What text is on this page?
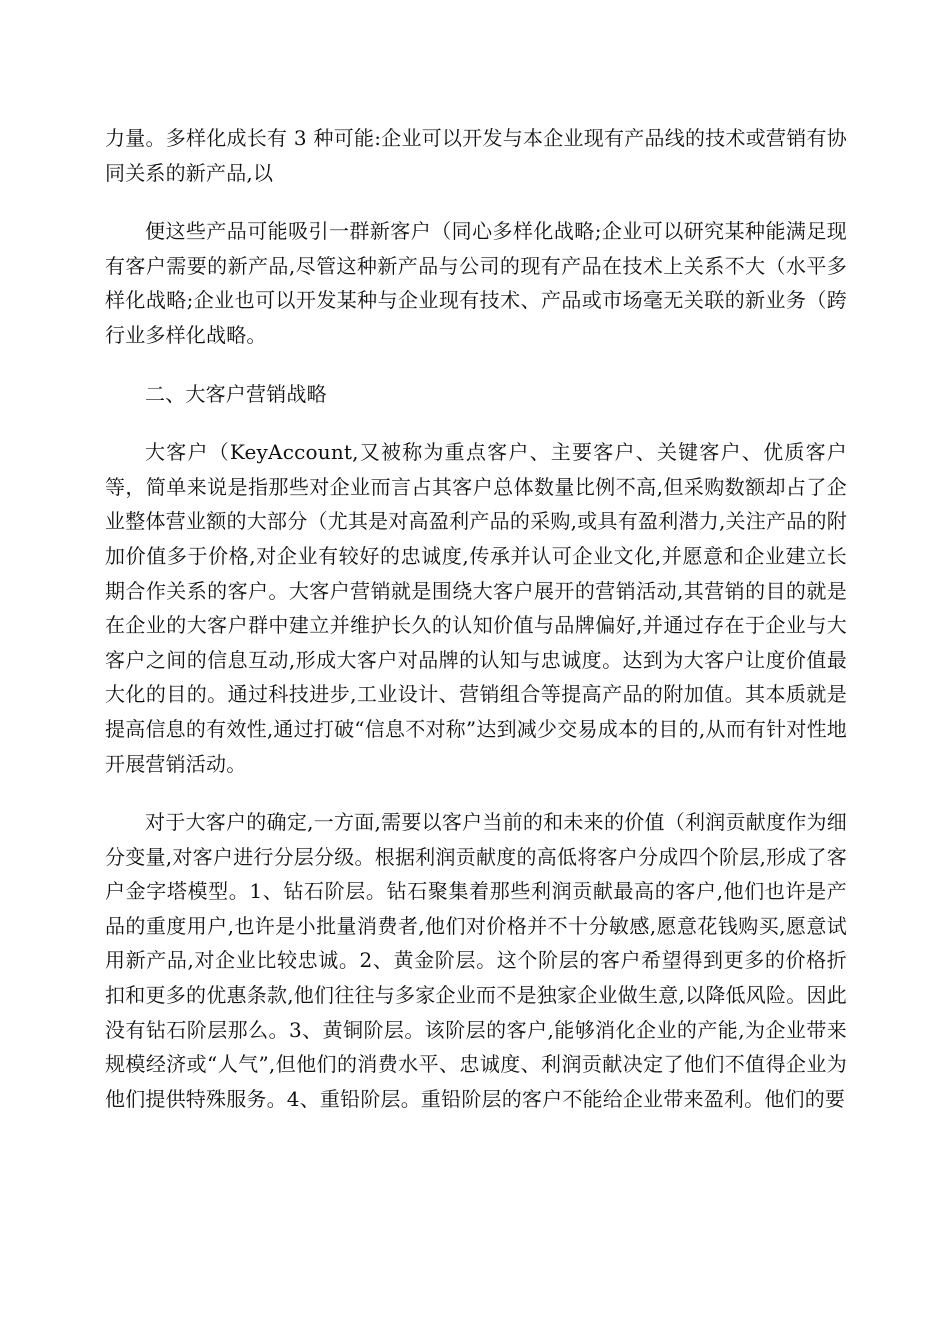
力量。多样化成长有 3 种可能:企业可以开发与本企业现有产品线的技术或营销有协同关系的新产品,以

便这些产品可能吸引一群新客户（同心多样化战略;企业可以研究某种能满足现有客户需要的新产品,尽管这种新产品与公司的现有产品在技术上关系不大（水平多样化战略;企业也可以开发某种与企业现有技术、产品或市场毫无关联的新业务（跨行业多样化战略。

二、大客户营销战略

大客户（KeyAccount,又被称为重点客户、主要客户、关键客户、优质客户等，简单来说是指那些对企业而言占其客户总体数量比例不高,但采购数额却占了企业整体营业额的大部分（尤其是对高盈利产品的采购,或具有盈利潜力,关注产品的附加价值多于价格,对企业有较好的忠诚度,传承并认可企业文化,并愿意和企业建立长期合作关系的客户。大客户营销就是围绕大客户展开的营销活动,其营销的目的就是在企业的大客户群中建立并维护长久的认知价值与品牌偏好,并通过存在于企业与大客户之间的信息互动,形成大客户对品牌的认知与忠诚度。达到为大客户让度价值最大化的目的。通过科技进步,工业设计、营销组合等提高产品的附加值。其本质就是提高信息的有效性,通过打破“信息不对称”达到减少交易成本的目的,从而有针对性地开展营销活动。

对于大客户的确定,一方面,需要以客户当前的和未来的价值（利润贡献度作为细分变量,对客户进行分层分级。根据利润贡献度的高低将客户分成四个阶层,形成了客户金字塔模型。1、钻石阶层。钻石聚集着那些利润贡献最高的客户,他们也许是产品的重度用户,也许是小批量消费者,他们对价格并不十分敏感,愿意花钱购买,愿意试用新产品,对企业比较忠诚。2、黄金阶层。这个阶层的客户希望得到更多的价格折扣和更多的优惠条款,他们往往与多家企业而不是独家企业做生意,以降低风险。因此没有钻石阶层那么。3、黄铜阶层。该阶层的客户,能够消化企业的产能,为企业带来规模经济或“人气”,但他们的消费水平、忠诚度、利润贡献决定了他们不值得企业为他们提供特殊服务。4、重铅阶层。重铅阶层的客户不能给企业带来盈利。他们的要
